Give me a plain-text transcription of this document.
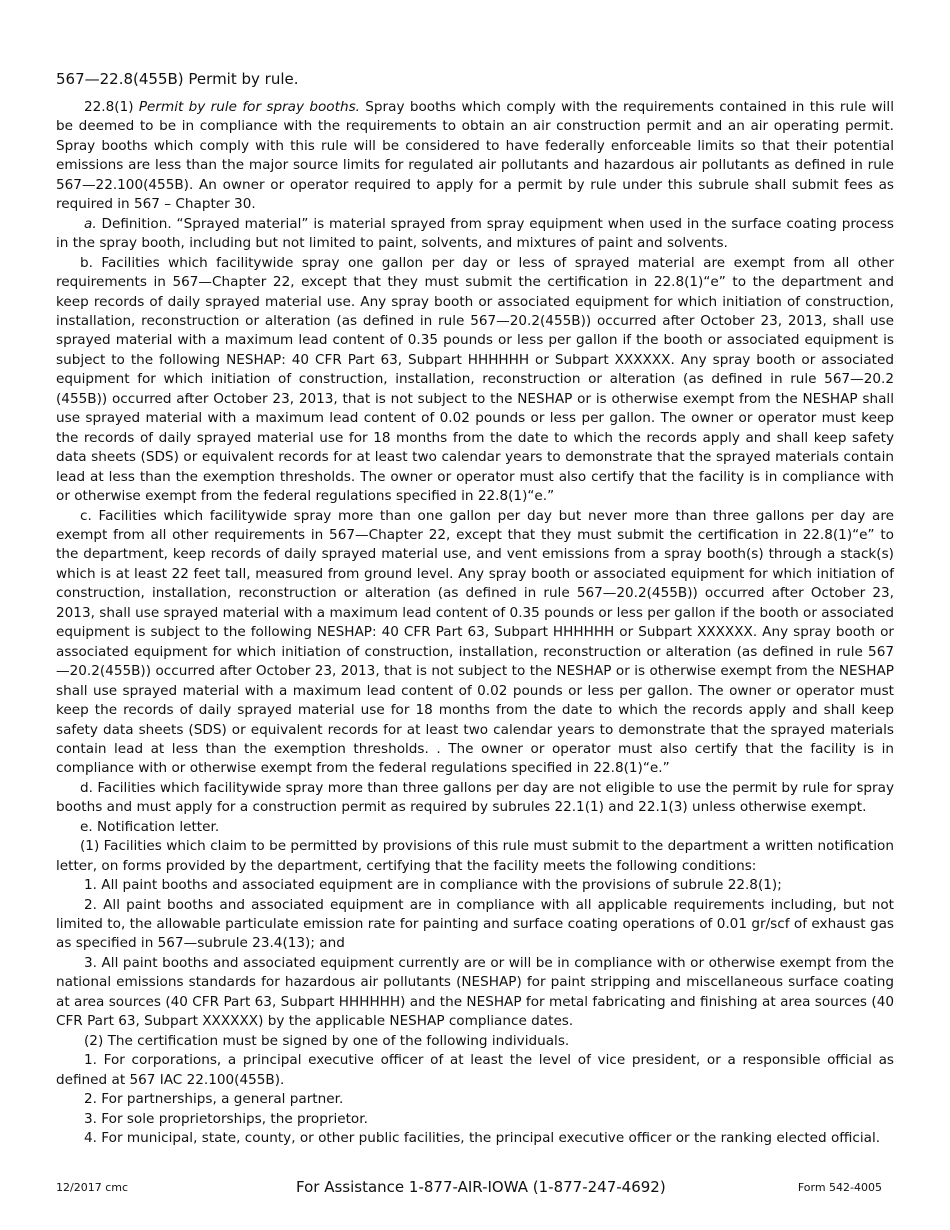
567—22.8(455B) Permit by rule.

22.8(1) Permit by rule for spray booths. Spray booths which comply with the requirements contained in this rule will be deemed to be in compliance with the requirements to obtain an air construction permit and an air operating permit. Spray booths which comply with this rule will be considered to have federally enforceable limits so that their potential emissions are less than the major source limits for regulated air pollutants and hazardous air pollutants as defined in rule 567—22.100(455B). An owner or operator required to apply for a permit by rule under this subrule shall submit fees as required in 567 – Chapter 30.

a. Definition. “Sprayed material” is material sprayed from spray equipment when used in the surface coating process in the spray booth, including but not limited to paint, solvents, and mixtures of paint and solvents.

b. Facilities which facilitywide spray one gallon per day or less of sprayed material are exempt from all other requirements in 567—Chapter 22, except that they must submit the certification in 22.8(1)“e” to the department and keep records of daily sprayed material use. Any spray booth or associated equipment for which initiation of construction, installation, reconstruction or alteration (as defined in rule 567—20.2(455B)) occurred after October 23, 2013, shall use sprayed material with a maximum lead content of 0.35 pounds or less per gallon if the booth or associated equipment is subject to the following NESHAP: 40 CFR Part 63, Subpart HHHHHH or Subpart XXXXXX. Any spray booth or associated equipment for which initiation of construction, installation, reconstruction or alteration (as defined in rule 567—20.2 (455B)) occurred after October 23, 2013, that is not subject to the NESHAP or is otherwise exempt from the NESHAP shall use sprayed material with a maximum lead content of 0.02 pounds or less per gallon. The owner or operator must keep the records of daily sprayed material use for 18 months from the date to which the records apply and shall keep safety data sheets (SDS) or equivalent records for at least two calendar years to demonstrate that the sprayed materials contain lead at less than the exemption thresholds. The owner or operator must also certify that the facility is in compliance with or otherwise exempt from the federal regulations specified in 22.8(1)“e.”

c. Facilities which facilitywide spray more than one gallon per day but never more than three gallons per day are exempt from all other requirements in 567—Chapter 22, except that they must submit the certification in 22.8(1)“e” to the department, keep records of daily sprayed material use, and vent emissions from a spray booth(s) through a stack(s) which is at least 22 feet tall, measured from ground level. Any spray booth or associated equipment for which initiation of construction, installation, reconstruction or alteration (as defined in rule 567—20.2(455B)) occurred after October 23, 2013, shall use sprayed material with a maximum lead content of 0.35 pounds or less per gallon if the booth or associated equipment is subject to the following NESHAP: 40 CFR Part 63, Subpart HHHHHH or Subpart XXXXXX. Any spray booth or associated equipment for which initiation of construction, installation, reconstruction or alteration (as defined in rule 567—20.2(455B)) occurred after October 23, 2013, that is not subject to the NESHAP or is otherwise exempt from the NESHAP shall use sprayed material with a maximum lead content of 0.02 pounds or less per gallon. The owner or operator must keep the records of daily sprayed material use for 18 months from the date to which the records apply and shall keep safety data sheets (SDS) or equivalent records for at least two calendar years to demonstrate that the sprayed materials contain lead at less than the exemption thresholds. . The owner or operator must also certify that the facility is in compliance with or otherwise exempt from the federal regulations specified in 22.8(1)“e.”

d. Facilities which facilitywide spray more than three gallons per day are not eligible to use the permit by rule for spray booths and must apply for a construction permit as required by subrules 22.1(1) and 22.1(3) unless otherwise exempt.

e. Notification letter.

(1) Facilities which claim to be permitted by provisions of this rule must submit to the department a written notification letter, on forms provided by the department, certifying that the facility meets the following conditions:

1. All paint booths and associated equipment are in compliance with the provisions of subrule 22.8(1);

2. All paint booths and associated equipment are in compliance with all applicable requirements including, but not limited to, the allowable particulate emission rate for painting and surface coating operations of 0.01 gr/scf of exhaust gas as specified in 567—subrule 23.4(13); and

3. All paint booths and associated equipment currently are or will be in compliance with or otherwise exempt from the national emissions standards for hazardous air pollutants (NESHAP) for paint stripping and miscellaneous surface coating at area sources (40 CFR Part 63, Subpart HHHHHH) and the NESHAP for metal fabricating and finishing at area sources (40 CFR Part 63, Subpart XXXXXX) by the applicable NESHAP compliance dates.

(2) The certification must be signed by one of the following individuals.

1. For corporations, a principal executive officer of at least the level of vice president, or a responsible official as defined at 567 IAC 22.100(455B).

2. For partnerships, a general partner.

3. For sole proprietorships, the proprietor.

4. For municipal, state, county, or other public facilities, the principal executive officer or the ranking elected official.

12/2017 cmc	For Assistance 1-877-AIR-IOWA (1-877-247-4692)	Form 542-4005
